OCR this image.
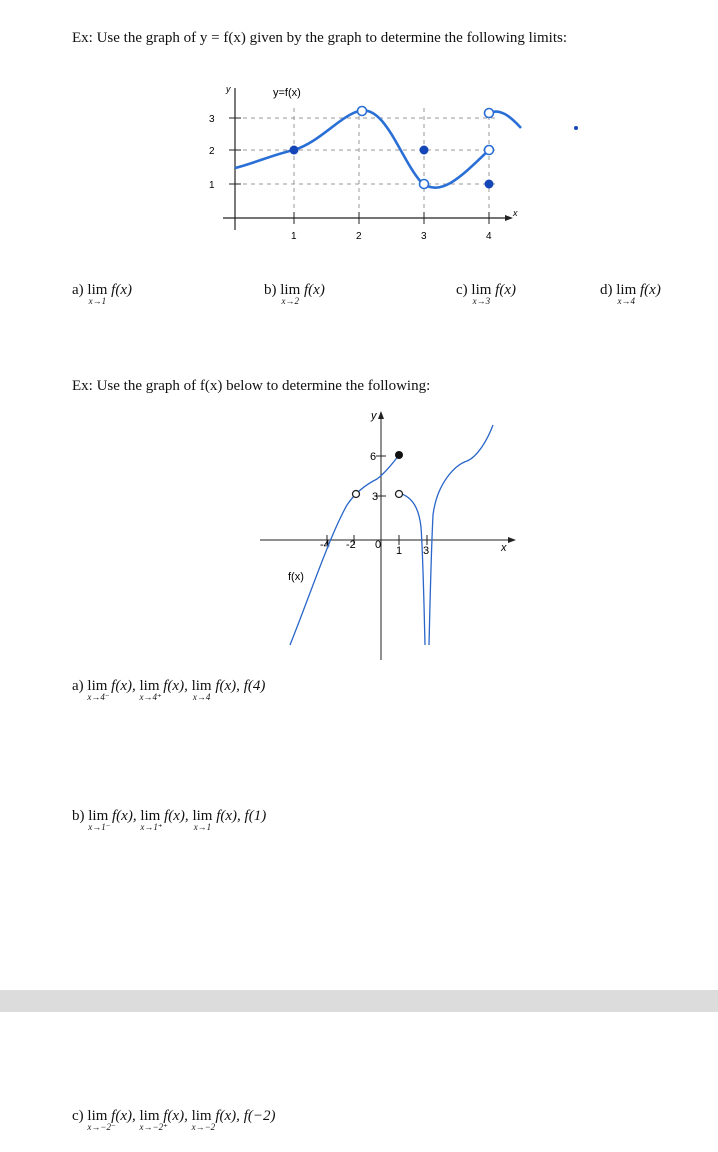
Ex: Use the graph of y = f(x) given by the graph to determine the following limits:
y
x
y=f(x)
1
2
3
1	2	3	4
a) lim
x→1
f(x)	b) lim
x→2
f(x)	c) lim
x→3
f(x)	d) lim
x→4
f(x)
Ex: Use the graph of f(x) below to determine the following:
y
x
6
3
-4 -2 0 1 3
f(x)
a) lim
x→4⁻
f(x), lim
x→4⁺
f(x), lim
x→4
f(x), f(4)
b) lim
x→1⁻
f(x), lim
x→1⁺
f(x), lim
x→1
f(x), f(1)
c) lim
x→−2⁻
f(x), lim
x→−2⁺
f(x), lim
x→−2
f(x), f(−2)
